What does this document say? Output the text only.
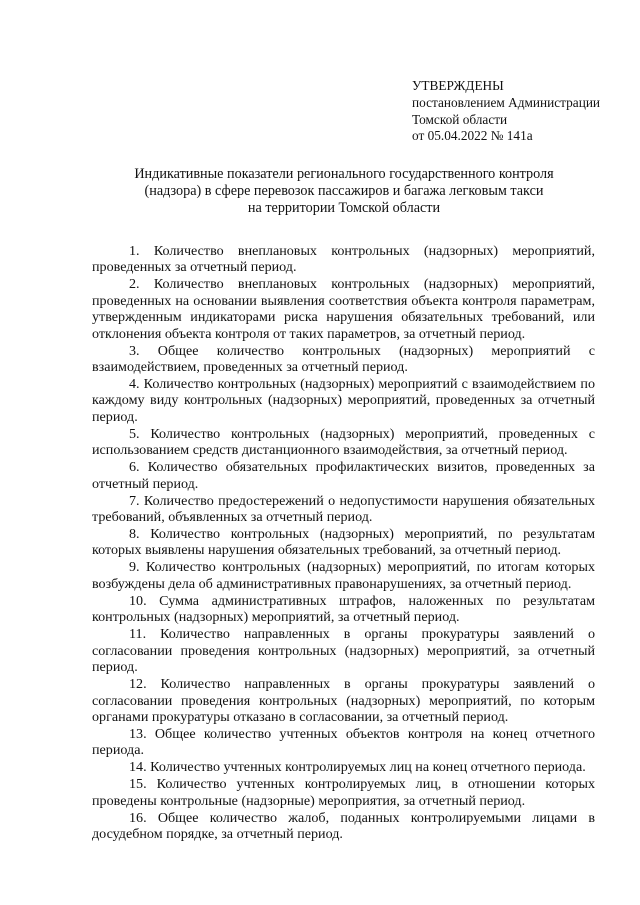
УТВЕРЖДЕНЫ
постановлением Администрации
Томской области
от 05.04.2022 № 141а
Индикативные показатели регионального государственного контроля
(надзора) в сфере перевозок пассажиров и багажа легковым такси
на территории Томской области

1. Количество внеплановых контрольных (надзорных) мероприятий, проведенных за отчетный период.

2. Количество внеплановых контрольных (надзорных) мероприятий, проведенных на основании выявления соответствия объекта контроля параметрам, утвержденным индикаторами риска нарушения обязательных требований, или отклонения объекта контроля от таких параметров, за отчетный период.

3. Общее количество контрольных (надзорных) мероприятий с взаимодействием, проведенных за отчетный период.

4. Количество контрольных (надзорных) мероприятий с взаимодействием по каждому виду контрольных (надзорных) мероприятий, проведенных за отчетный период.

5. Количество контрольных (надзорных) мероприятий, проведенных с использованием средств дистанционного взаимодействия, за отчетный период.

6. Количество обязательных профилактических визитов, проведенных за отчетный период.

7. Количество предостережений о недопустимости нарушения обязательных требований, объявленных за отчетный период.

8. Количество контрольных (надзорных) мероприятий, по результатам которых выявлены нарушения обязательных требований, за отчетный период.

9. Количество контрольных (надзорных) мероприятий, по итогам которых возбуждены дела об административных правонарушениях, за отчетный период.

10. Сумма административных штрафов, наложенных по результатам контрольных (надзорных) мероприятий, за отчетный период.

11. Количество направленных в органы прокуратуры заявлений о согласовании проведения контрольных (надзорных) мероприятий, за отчетный период.

12. Количество направленных в органы прокуратуры заявлений о согласовании проведения контрольных (надзорных) мероприятий, по которым органами прокуратуры отказано в согласовании, за отчетный период.

13. Общее количество учтенных объектов контроля на конец отчетного периода.

14. Количество учтенных контролируемых лиц на конец отчетного периода.

15. Количество учтенных контролируемых лиц, в отношении которых проведены контрольные (надзорные) мероприятия, за отчетный период.

16. Общее количество жалоб, поданных контролируемыми лицами в досудебном порядке, за отчетный период.
